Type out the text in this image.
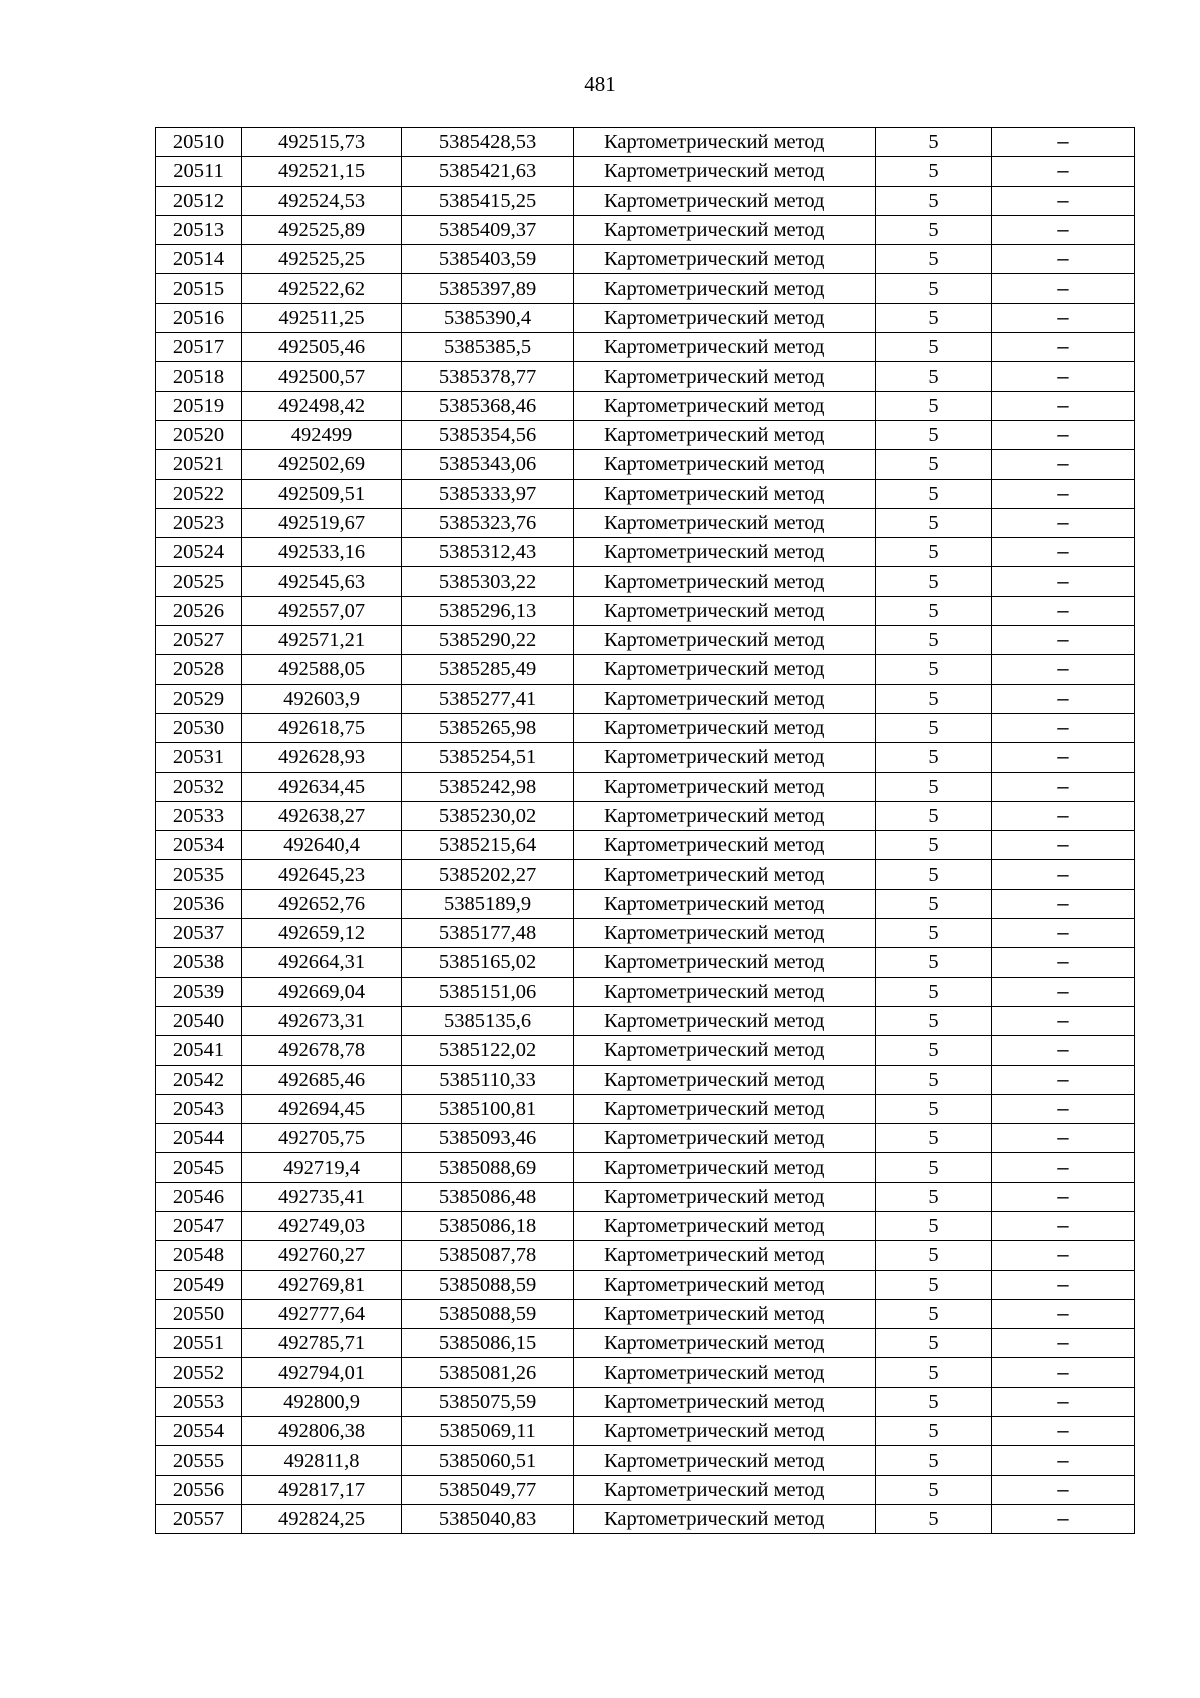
481
20510	492515,73	5385428,53	Картометрический метод	5	–
20511	492521,15	5385421,63	Картометрический метод	5	–
20512	492524,53	5385415,25	Картометрический метод	5	–
20513	492525,89	5385409,37	Картометрический метод	5	–
20514	492525,25	5385403,59	Картометрический метод	5	–
20515	492522,62	5385397,89	Картометрический метод	5	–
20516	492511,25	5385390,4	Картометрический метод	5	–
20517	492505,46	5385385,5	Картометрический метод	5	–
20518	492500,57	5385378,77	Картометрический метод	5	–
20519	492498,42	5385368,46	Картометрический метод	5	–
20520	492499	5385354,56	Картометрический метод	5	–
20521	492502,69	5385343,06	Картометрический метод	5	–
20522	492509,51	5385333,97	Картометрический метод	5	–
20523	492519,67	5385323,76	Картометрический метод	5	–
20524	492533,16	5385312,43	Картометрический метод	5	–
20525	492545,63	5385303,22	Картометрический метод	5	–
20526	492557,07	5385296,13	Картометрический метод	5	–
20527	492571,21	5385290,22	Картометрический метод	5	–
20528	492588,05	5385285,49	Картометрический метод	5	–
20529	492603,9	5385277,41	Картометрический метод	5	–
20530	492618,75	5385265,98	Картометрический метод	5	–
20531	492628,93	5385254,51	Картометрический метод	5	–
20532	492634,45	5385242,98	Картометрический метод	5	–
20533	492638,27	5385230,02	Картометрический метод	5	–
20534	492640,4	5385215,64	Картометрический метод	5	–
20535	492645,23	5385202,27	Картометрический метод	5	–
20536	492652,76	5385189,9	Картометрический метод	5	–
20537	492659,12	5385177,48	Картометрический метод	5	–
20538	492664,31	5385165,02	Картометрический метод	5	–
20539	492669,04	5385151,06	Картометрический метод	5	–
20540	492673,31	5385135,6	Картометрический метод	5	–
20541	492678,78	5385122,02	Картометрический метод	5	–
20542	492685,46	5385110,33	Картометрический метод	5	–
20543	492694,45	5385100,81	Картометрический метод	5	–
20544	492705,75	5385093,46	Картометрический метод	5	–
20545	492719,4	5385088,69	Картометрический метод	5	–
20546	492735,41	5385086,48	Картометрический метод	5	–
20547	492749,03	5385086,18	Картометрический метод	5	–
20548	492760,27	5385087,78	Картометрический метод	5	–
20549	492769,81	5385088,59	Картометрический метод	5	–
20550	492777,64	5385088,59	Картометрический метод	5	–
20551	492785,71	5385086,15	Картометрический метод	5	–
20552	492794,01	5385081,26	Картометрический метод	5	–
20553	492800,9	5385075,59	Картометрический метод	5	–
20554	492806,38	5385069,11	Картометрический метод	5	–
20555	492811,8	5385060,51	Картометрический метод	5	–
20556	492817,17	5385049,77	Картометрический метод	5	–
20557	492824,25	5385040,83	Картометрический метод	5	–
